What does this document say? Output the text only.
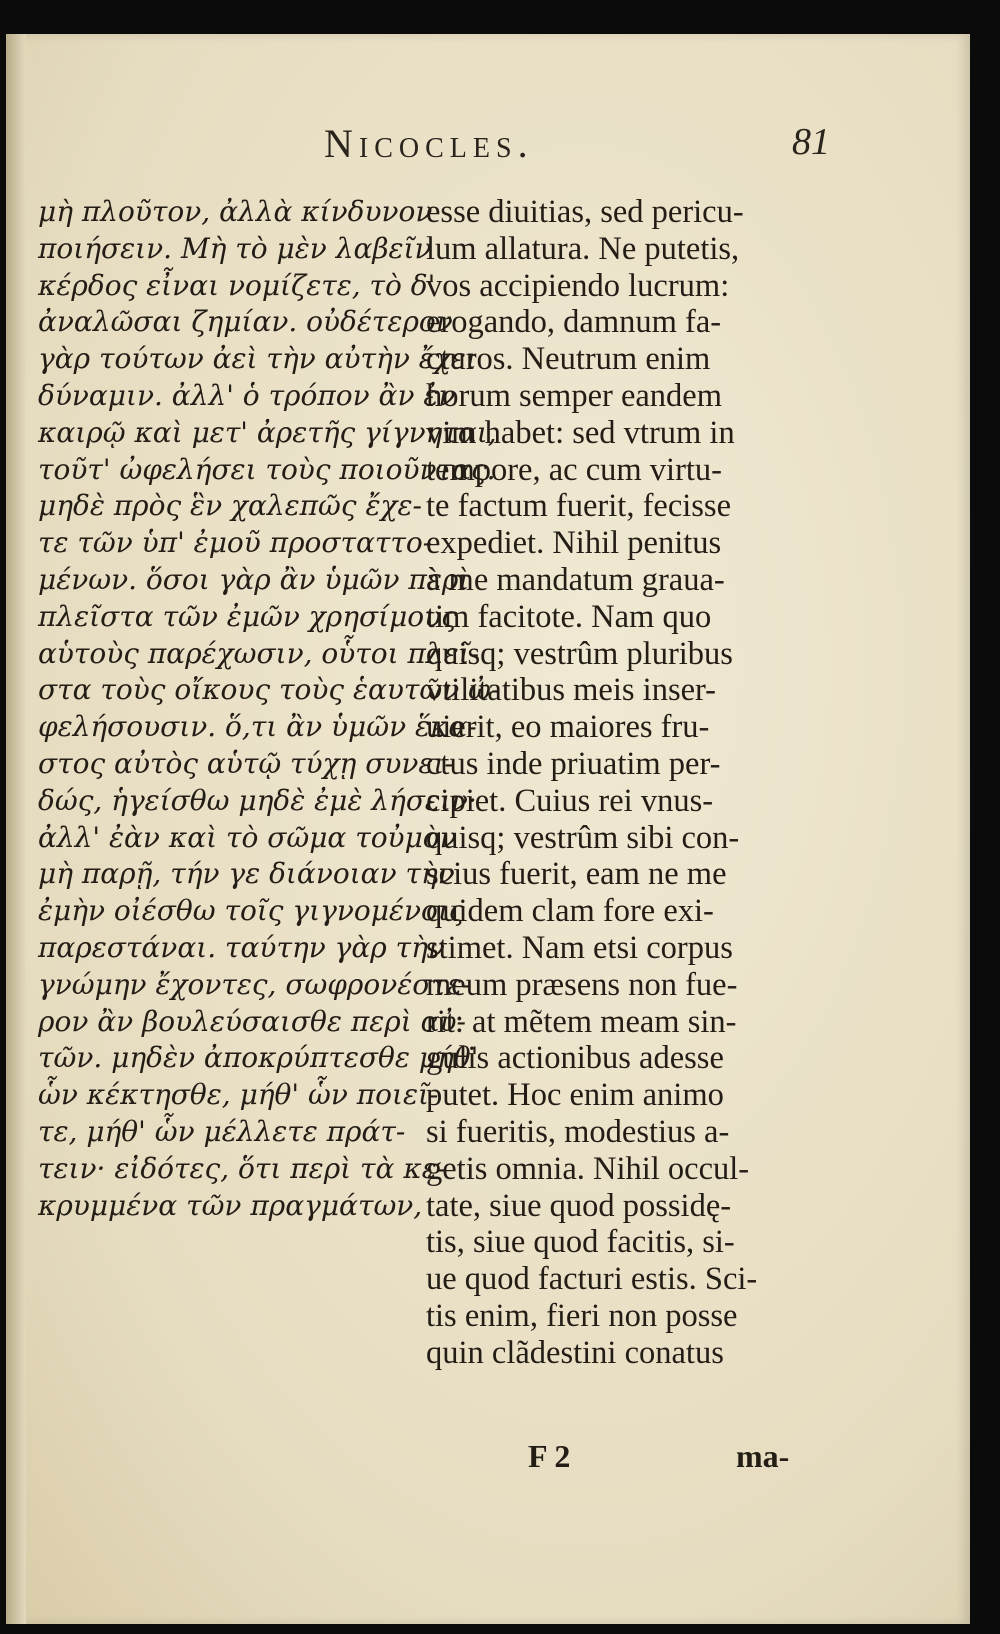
Nicocles.	81
μὴ πλοῦτον, ἀλλὰ κίνδυνον
ποιήσειν. Μὴ τὸ μὲν λαβεῖν
κέρδος εἶναι νομίζετε, τὸ δ'
ἀναλῶσαι ζημίαν. οὐδέτερον
γὰρ τούτων ἀεὶ τὴν αὐτὴν ἔχει
δύναμιν. ἀλλ' ὁ τρόπον ἂν ἐν
καιρῷ καὶ μετ' ἀρετῆς γίγνηται,
τοῦτ' ὠφελήσει τοὺς ποιοῦντας.
μηδὲ πρὸς ἓν χαλεπῶς ἔχε-
τε τῶν ὑπ' ἐμοῦ προσταττο-
μένων. ὅσοι γὰρ ἂν ὑμῶν περὶ
πλεῖστα τῶν ἐμῶν χρησίμους
αὑτοὺς παρέχωσιν, οὗτοι πλεῖ-
στα τοὺς οἴκους τοὺς ἑαυτῶν ὠ-
φελήσουσιν. ὅ,τι ἂν ὑμῶν ἕκα-
στος αὐτὸς αὑτῷ τύχῃ συνει-
δώς, ἡγείσθω μηδὲ ἐμὲ λήσειν·
ἀλλ' ἐὰν καὶ τὸ σῶμα τοὐμὸν
μὴ παρῇ, τήν γε διάνοιαν τὴν
ἐμὴν οἰέσθω τοῖς γιγνομένοις
παρεστάναι. ταύτην γὰρ τὴν
γνώμην ἔχοντες, σωφρονέστε-
ρον ἂν βουλεύσαισθε περὶ αὐ-
τῶν. μηδὲν ἀποκρύπτεσθε μήθ'
ὧν κέκτησθε, μήθ' ὧν ποιεῖ-
τε, μήθ' ὧν μέλλετε πράτ-
τειν· εἰδότες, ὅτι περὶ τὰ κε-
κρυμμένα τῶν πραγμάτων,
esse diuitias, sed pericu-
lum allatura. Ne putetis,
vos accipiendo lucrum:
erogando, damnum fa-
cturos. Neutrum enim
horum semper eandem
vim habet: sed vtrum in
tempore, ac cum virtu-
te factum fuerit, fecisse
expediet. Nihil penitus
à me mandatum graua-
tim facitote. Nam quo
quisq; vestrûm pluribus
vtilitatibus meis inser-
uierit, eo maiores fru-
ctus inde priuatim per-
cipiet. Cuius rei vnus-
quisq; vestrûm sibi con-
scius fuerit, eam ne me
quidem clam fore exi-
stimet. Nam etsi corpus
meum præsens non fue-
rit: at mẽtem meam sin-
gulis actionibus adesse
putet. Hoc enim animo
si fueritis, modestius a-
getis omnia. Nihil occul-
tate, siue quod possidę-
tis, siue quod facitis, si-
ue quod facturi estis. Sci-
tis enim, fieri non posse
quin clãdestini conatus
F 2	ma-
